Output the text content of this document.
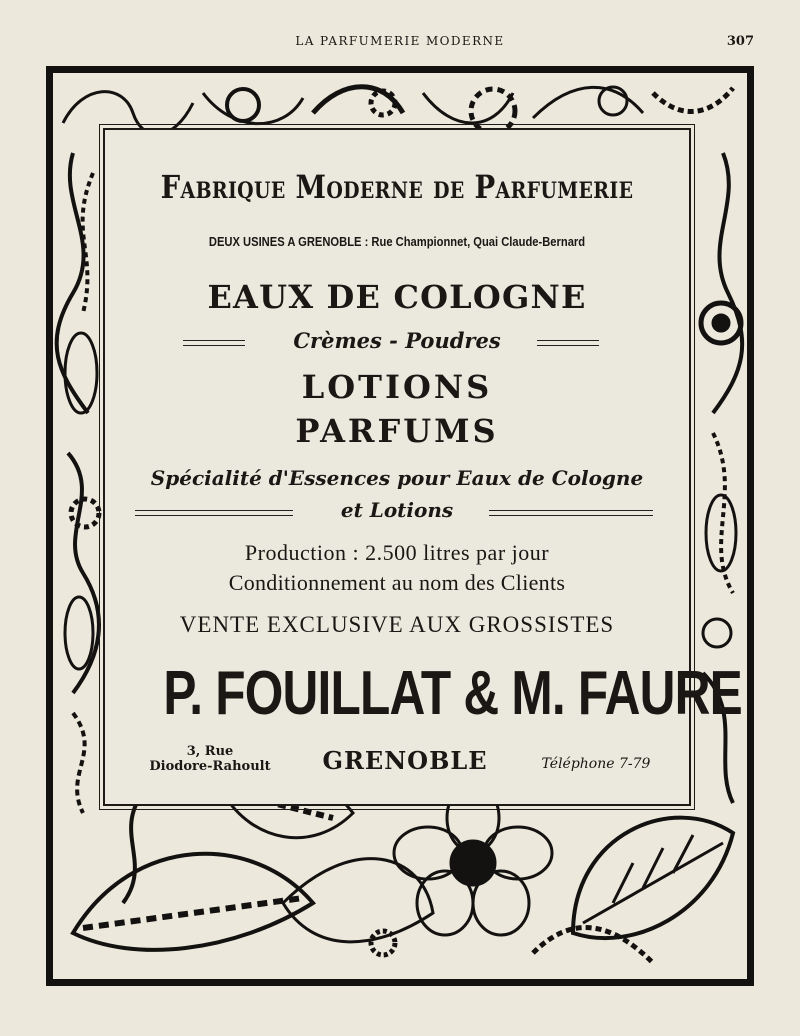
LA PARFUMERIE MODERNE	307
Fabrique Moderne de Parfumerie
DEUX USINES A GRENOBLE : Rue Championnet, Quai Claude-Bernard
EAUX DE COLOGNE
Crèmes - Poudres
LOTIONS
PARFUMS
Spécialité d'Essences pour Eaux de Cologne
et Lotions
Production : 2.500 litres par jour
Conditionnement au nom des Clients
VENTE EXCLUSIVE AUX GROSSISTES
P. FOUILLAT & M. FAURE
3, Rue
Diodore-Rahoult	GRENOBLE	Téléphone 7-79
